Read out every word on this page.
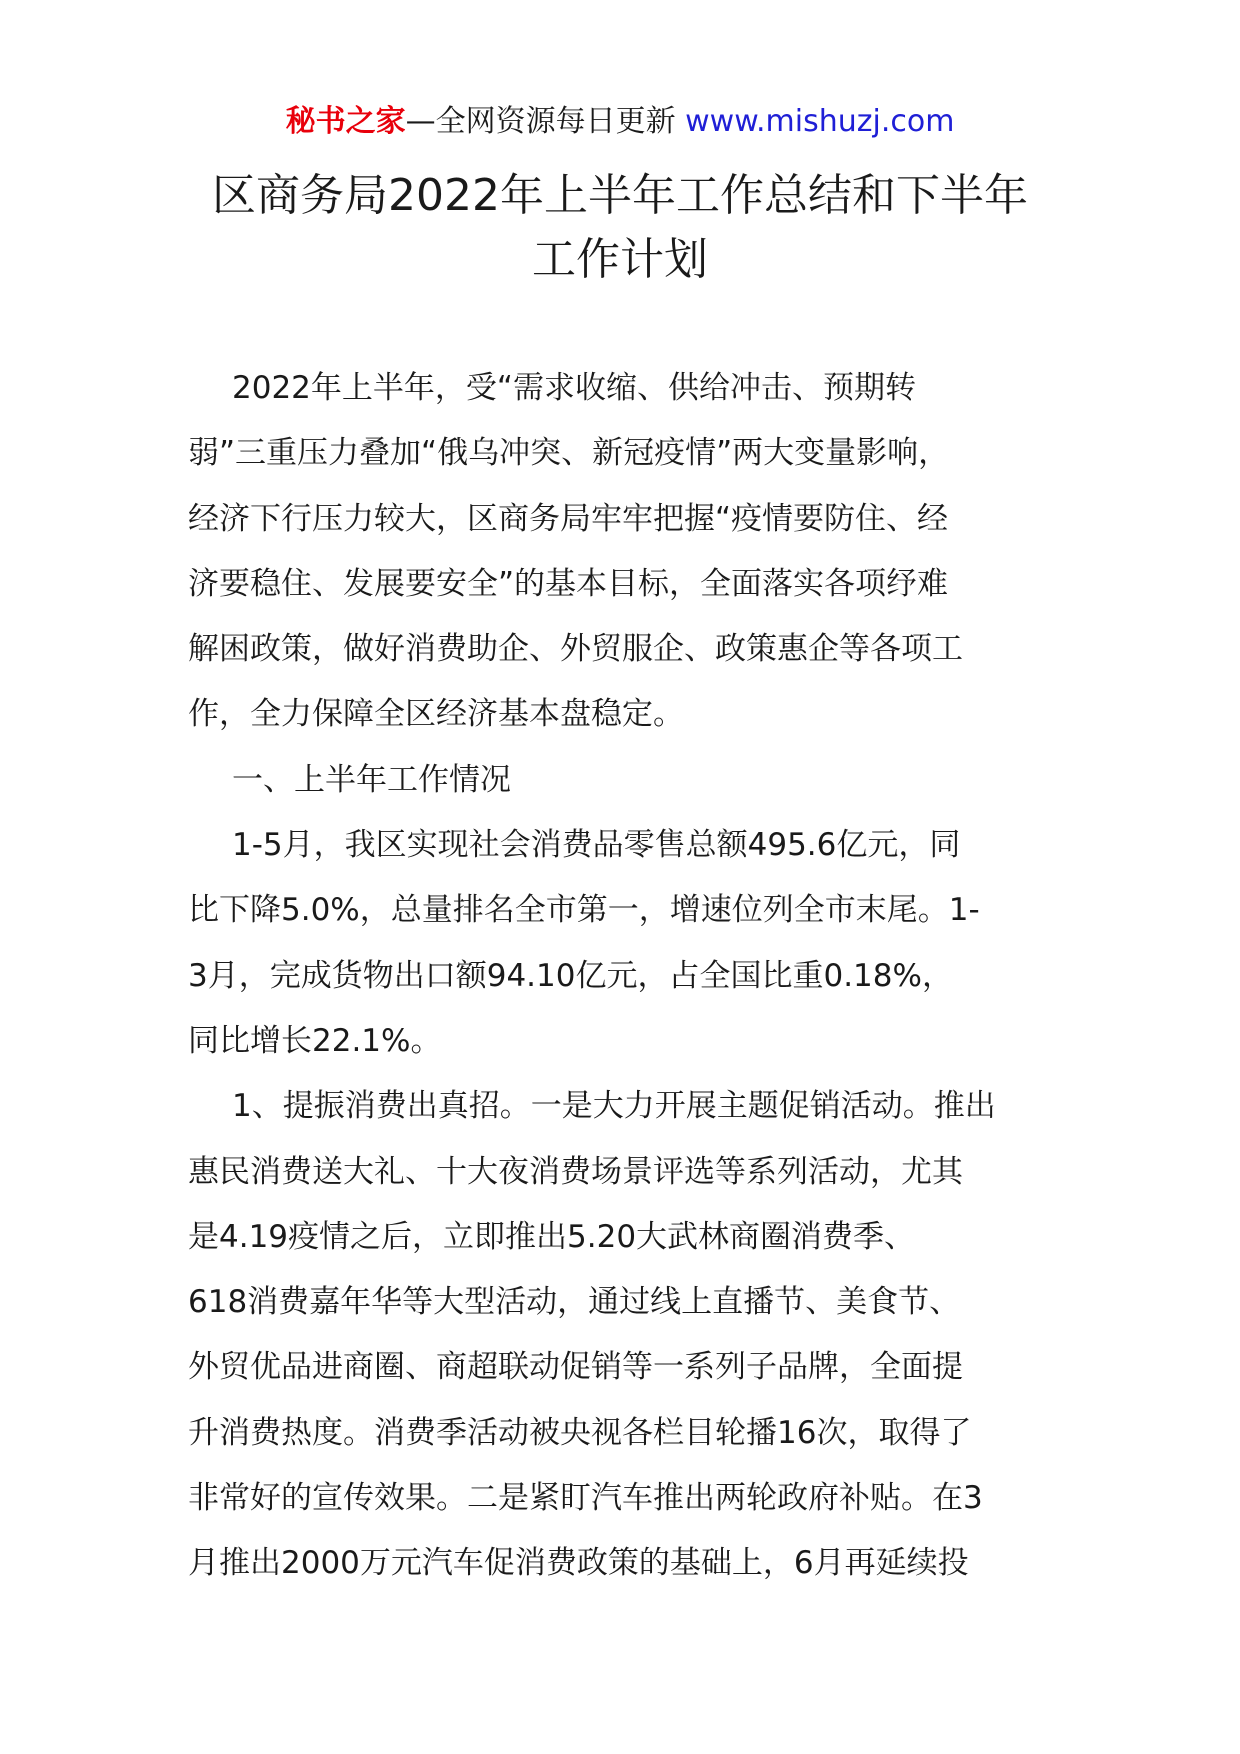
秘书之家—全网资源每日更新 www.mishuzj.com
区商务局2022年上半年工作总结和下半年
工作计划
2022年上半年，受“需求收缩、供给冲击、预期转
弱”三重压力叠加“俄乌冲突、新冠疫情”两大变量影响，
经济下行压力较大，区商务局牢牢把握“疫情要防住、经
济要稳住、发展要安全”的基本目标，全面落实各项纾难
解困政策，做好消费助企、外贸服企、政策惠企等各项工
作，全力保障全区经济基本盘稳定。
一、上半年工作情况
1-5月，我区实现社会消费品零售总额495.6亿元，同
比下降5.0%，总量排名全市第一，增速位列全市末尾。1-
3月，完成货物出口额94.10亿元，占全国比重0.18%，
同比增长22.1%。
1、提振消费出真招。一是大力开展主题促销活动。推出
惠民消费送大礼、十大夜消费场景评选等系列活动，尤其
是4.19疫情之后，立即推出5.20大武林商圈消费季、
618消费嘉年华等大型活动，通过线上直播节、美食节、
外贸优品进商圈、商超联动促销等一系列子品牌，全面提
升消费热度。消费季活动被央视各栏目轮播16次，取得了
非常好的宣传效果。二是紧盯汽车推出两轮政府补贴。在3
月推出2000万元汽车促消费政策的基础上，6月再延续投
